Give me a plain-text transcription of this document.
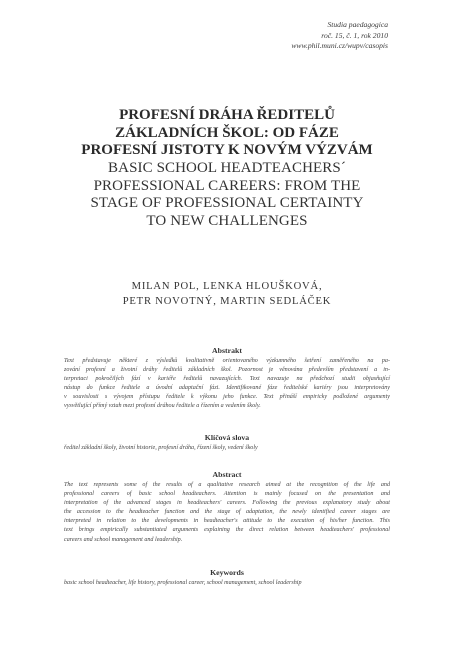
Studia paedagogica
roč. 15, č. 1, rok 2010
www.phil.muni.cz/wupv/casopis
PROFESNÍ DRÁHA ŘEDITELŮ
ZÁKLADNÍCH ŠKOL: OD FÁZE
PROFESNÍ JISTOTY K NOVÝM VÝZVÁM
BASIC SCHOOL HEADTEACHERS´
PROFESSIONAL CAREERS: FROM THE
STAGE OF PROFESSIONAL CERTAINTY
TO NEW CHALLENGES
MILAN POL, LENKA HLOUŠKOVÁ,
PETR NOVOTNÝ, MARTIN SEDLÁČEK
Abstrakt
Text představuje některé z výsledků kvalitativně orientovaného výzkumného šetření zaměřeného na pa-
zování profesní a životní dráhy ředitelů základních škol. Pozornost je věnována především představení a in-
terpretaci pokročilých fází v kariéře ředitelů navazujících. Text navazuje na předchozí studii objasňující
nástup do funkce ředitele a úvodní adaptační fázi. Identifikované fáze ředitelské kariéry jsou interpretovány
v souvislosti s vývojem přístupu ředitele k výkonu jeho funkce. Text přináší empiricky podložené argumenty
vysvětlující přímý vztah mezi profesní dráhou ředitele a řízením a vedením školy.
Klíčová slova
ředitel základní školy, životní historie, profesní dráha, řízení školy, vedení školy
Abstract
The text represents some of the results of a qualitative research aimed at the recognition of the life and
professional careers of basic school headteachers. Attention is mainly focused on the presentation and
interpretation of the advanced stages in headteachers' careers. Following the previous explanatory study about
the accession to the headteacher function and the stage of adaptation, the newly identified career stages are
interpreted in relation to the developments in headteacher's attitude to the execution of his/her function. This
text brings empirically substantiated arguments explaining the direct relation between headteachers' professional
careers and school management and leadership.
Keywords
basic school headteacher, life history, professional career, school management, school leadership
